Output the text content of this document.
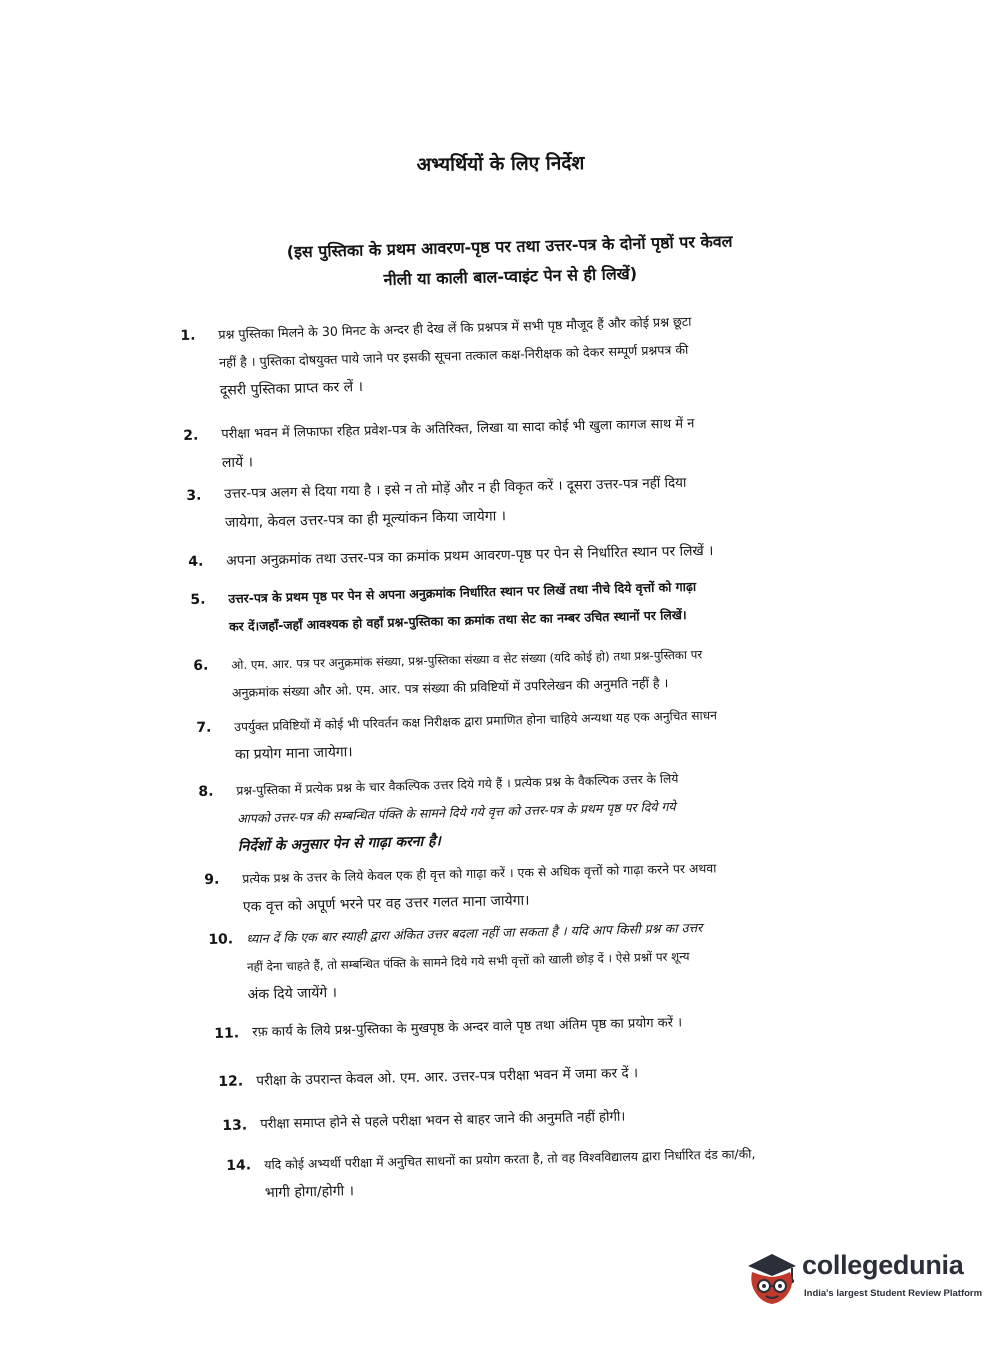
अभ्यर्थियों के लिए निर्देश
(इस पुस्तिका के प्रथम आवरण-पृष्ठ पर तथा उत्तर-पत्र के दोनों पृष्ठों पर केवल
नीली या काली बाल-प्वाइंट पेन से ही लिखें)
1. प्रश्न पुस्तिका मिलने के 30 मिनट के अन्दर ही देख लें कि प्रश्नपत्र में सभी पृष्ठ मौजूद हैं और कोई प्रश्न छूटा
नहीं है । पुस्तिका दोषयुक्त पाये जाने पर इसकी सूचना तत्काल कक्ष-निरीक्षक को देकर सम्पूर्ण प्रश्नपत्र की
दूसरी पुस्तिका प्राप्त कर लें ।
2. परीक्षा भवन में लिफाफा रहित प्रवेश-पत्र के अतिरिक्त, लिखा या सादा कोई भी खुला कागज साथ में न
लायें ।
3. उत्तर-पत्र अलग से दिया गया है । इसे न तो मोड़ें और न ही विकृत करें । दूसरा उत्तर-पत्र नहीं दिया
जायेगा, केवल उत्तर-पत्र का ही मूल्यांकन किया जायेगा ।
4. अपना अनुक्रमांक तथा उत्तर-पत्र का क्रमांक प्रथम आवरण-पृष्ठ पर पेन से निर्धारित स्थान पर लिखें ।
5. उत्तर-पत्र के प्रथम पृष्ठ पर पेन से अपना अनुक्रमांक निर्धारित स्थान पर लिखें तथा नीचे दिये वृत्तों को गाढ़ा
कर दें।जहाँ-जहाँ आवश्यक हो वहाँ प्रश्न-पुस्तिका का क्रमांक तथा सेट का नम्बर उचित स्थानों पर लिखें।
6. ओ. एम. आर. पत्र पर अनुक्रमांक संख्या, प्रश्न-पुस्तिका संख्या व सेट संख्या (यदि कोई हो) तथा प्रश्न-पुस्तिका पर
अनुक्रमांक संख्या और ओ. एम. आर. पत्र संख्या की प्रविष्टियों में उपरिलेखन की अनुमति नहीं है ।
7. उपर्युक्त प्रविष्टियों में कोई भी परिवर्तन कक्ष निरीक्षक द्वारा प्रमाणित होना चाहिये अन्यथा यह एक अनुचित साधन
का प्रयोग माना जायेगा।
8. प्रश्न-पुस्तिका में प्रत्येक प्रश्न के चार वैकल्पिक उत्तर दिये गये हैं । प्रत्येक प्रश्न के वैकल्पिक उत्तर के लिये
आपको उत्तर-पत्र की सम्बन्धित पंक्ति के सामने दिये गये वृत्त को उत्तर-पत्र के प्रथम पृष्ठ पर दिये गये
निर्देशों के अनुसार पेन से गाढ़ा करना है।
9. प्रत्येक प्रश्न के उत्तर के लिये केवल एक ही वृत्त को गाढ़ा करें । एक से अधिक वृत्तों को गाढ़ा करने पर अथवा
एक वृत्त को अपूर्ण भरने पर वह उत्तर गलत माना जायेगा।
10. ध्यान दें कि एक बार स्याही द्वारा अंकित उत्तर बदला नहीं जा सकता है । यदि आप किसी प्रश्न का उत्तर
नहीं देना चाहते हैं, तो सम्बन्धित पंक्ति के सामने दिये गये सभी वृत्तों को खाली छोड़ दें । ऐसे प्रश्नों पर शून्य
अंक दिये जायेंगे ।
11. रफ़ कार्य के लिये प्रश्न-पुस्तिका के मुखपृष्ठ के अन्दर वाले पृष्ठ तथा अंतिम पृष्ठ का प्रयोग करें ।
12. परीक्षा के उपरान्त केवल ओ. एम. आर. उत्तर-पत्र परीक्षा भवन में जमा कर दें ।
13. परीक्षा समाप्त होने से पहले परीक्षा भवन से बाहर जाने की अनुमति नहीं होगी।
14. यदि कोई अभ्यर्थी परीक्षा में अनुचित साधनों का प्रयोग करता है, तो वह विश्वविद्यालय द्वारा निर्धारित दंड का/की,
भागी होगा/होगी ।
collegedunia
India's largest Student Review Platform
